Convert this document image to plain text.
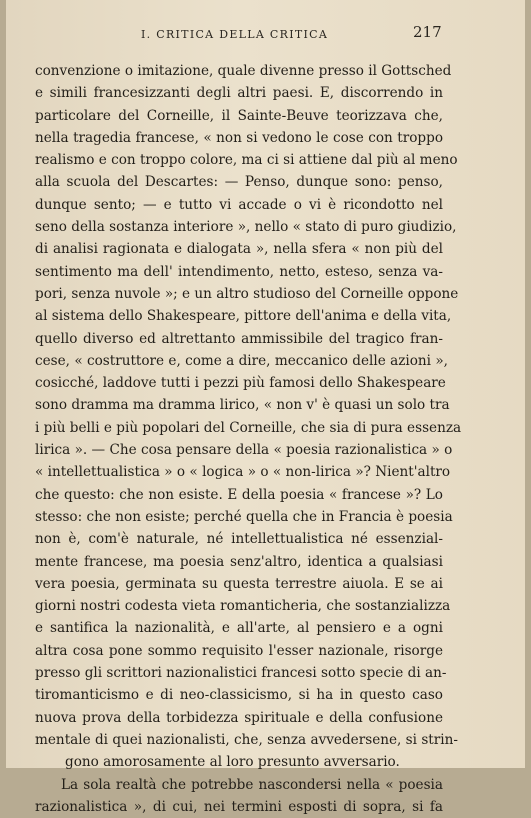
I. CRITICA DELLA CRITICA	217
convenzione o imitazione, quale divenne presso il Gottsched
e simili francesizzanti degli altri paesi. E, discorrendo in
particolare del Corneille, il Sainte-Beuve teorizzava che,
nella tragedia francese, « non si vedono le cose con troppo
realismo e con troppo colore, ma ci si attiene dal più al meno
alla scuola del Descartes: — Penso, dunque sono: penso,
dunque sento; — e tutto vi accade o vi è ricondotto nel
seno della sostanza interiore », nello « stato di puro giudizio,
di analisi ragionata e dialogata », nella sfera « non più del
sentimento ma dell' intendimento, netto, esteso, senza va-
pori, senza nuvole »; e un altro studioso del Corneille oppone
al sistema dello Shakespeare, pittore dell'anima e della vita,
quello diverso ed altrettanto ammissibile del tragico fran-
cese, « costruttore e, come a dire, meccanico delle azioni »,
cosicché, laddove tutti i pezzi più famosi dello Shakespeare
sono dramma ma dramma lirico, « non v' è quasi un solo tra
i più belli e più popolari del Corneille, che sia di pura essenza
lirica ». — Che cosa pensare della « poesia razionalistica » o
« intellettualistica » o « logica » o « non-lirica »? Nient'altro
che questo: che non esiste. E della poesia « francese »? Lo
stesso: che non esiste; perché quella che in Francia è poesia
non è, com'è naturale, né intellettualistica né essenzial-
mente francese, ma poesia senz'altro, identica a qualsiasi
vera poesia, germinata su questa terrestre aiuola. E se ai
giorni nostri codesta vieta romanticheria, che sostanzializza
e santifica la nazionalità, e all'arte, al pensiero e a ogni
altra cosa pone sommo requisito l'esser nazionale, risorge
presso gli scrittori nazionalistici francesi sotto specie di an-
tiromanticismo e di neo-classicismo, si ha in questo caso
nuova prova della torbidezza spirituale e della confusione
mentale di quei nazionalisti, che, senza avvedersene, si strin-
gono amorosamente al loro presunto avversario.
La sola realtà che potrebbe nascondersi nella « poesia
razionalistica », di cui, nei termini esposti di sopra, si fa
